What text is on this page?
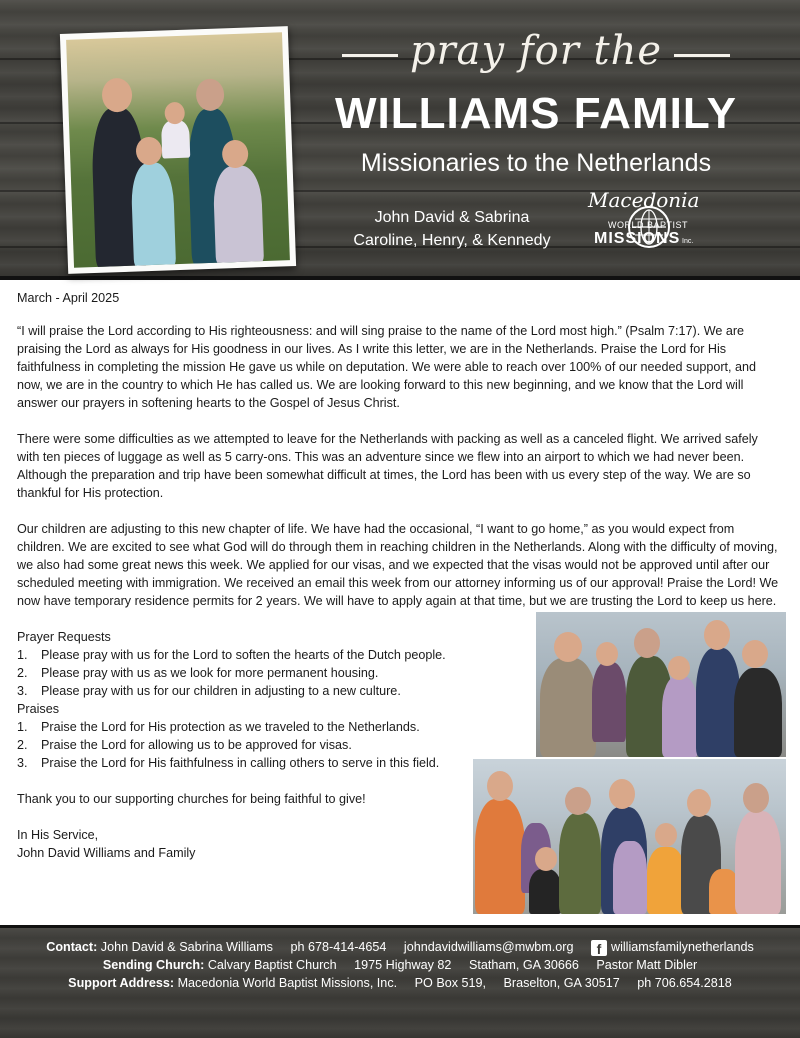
pray for the
WILLIAMS FAMILY
Missionaries to the Netherlands
John David & Sabrina
Caroline, Henry, & Kennedy
Macedonia
WORLD BAPTIST
MISSIONS Inc.

March - April 2025

“I will praise the Lord according to His righteousness: and will sing praise to the name of the Lord most high.” (Psalm 7:17). We are praising the Lord as always for His goodness in our lives. As I write this letter, we are in the Netherlands. Praise the Lord for His faithfulness in completing the mission He gave us while on deputation. We were able to reach over 100% of our needed support, and now, we are in the country to which He has called us. We are looking forward to this new beginning, and we know that the Lord will answer our prayers in softening hearts to the Gospel of Jesus Christ.

There were some difficulties as we attempted to leave for the Netherlands with packing as well as a canceled flight. We arrived safely with ten pieces of luggage as well as 5 carry-ons. This was an adventure since we flew into an airport to which we had never been. Although the preparation and trip have been somewhat difficult at times, the Lord has been with us every step of the way. We are so thankful for His protection.

Our children are adjusting to this new chapter of life. We have had the occasional, “I want to go home,” as you would expect from children. We are excited to see what God will do through them in reaching children in the Netherlands. Along with the difficulty of moving, we also had some great news this week. We applied for our visas, and we expected that the visas would not be approved until after our scheduled meeting with immigration. We received an email this week from our attorney informing us of our approval! Praise the Lord! We now have temporary residence permits for 2 years. We will have to apply again at that time, but we are trusting the Lord to keep us here.

Prayer Requests

1. Please pray with us for the Lord to soften the hearts of the Dutch people.
2. Please pray with us as we look for more permanent housing.
3. Please pray with us for our children in adjusting to a new culture.

Praises

1. Praise the Lord for His protection as we traveled to the Netherlands.
2. Praise the Lord for allowing us to be approved for visas.
3. Praise the Lord for His faithfulness in calling others to serve in this field.

Thank you to our supporting churches for being faithful to give!

In His Service,

John David Williams and Family

Contact: John David & Sabrina Williams ph 678-414-4654 johndavidwilliams@mwbm.org f williamsfamilynetherlands
Sending Church: Calvary Baptist Church 1975 Highway 82 Statham, GA 30666 Pastor Matt Dibler
Support Address: Macedonia World Baptist Missions, Inc. PO Box 519, Braselton, GA 30517 ph 706.654.2818
